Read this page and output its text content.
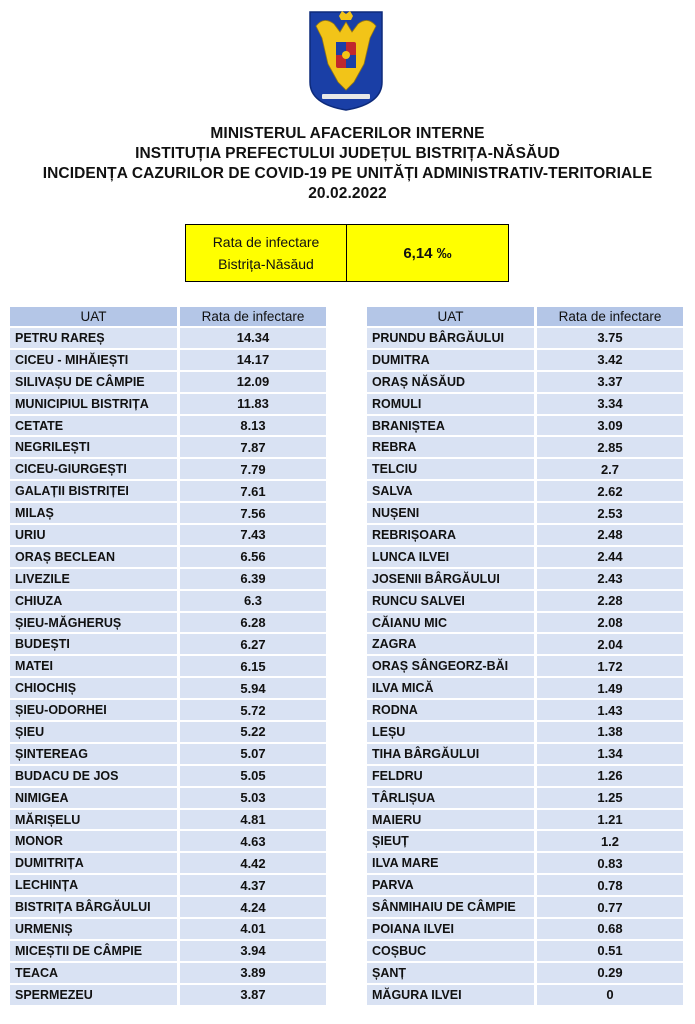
MINISTERUL AFACERILOR INTERNE
INSTITUȚIA PREFECTULUI JUDEȚUL BISTRIȚA-NĂSĂUD
INCIDENȚA CAZURILOR DE COVID-19 PE UNITĂȚI ADMINISTRATIV-TERITORIALE
20.02.2022
Rata de infectare
Bistrița-Năsăud
6,14 ‰
UAT	Rata de infectare
PETRU RAREȘ	14.34
CICEU - MIHĂIEȘTI	14.17
SILIVAȘU DE CÂMPIE	12.09
MUNICIPIUL BISTRIȚA	11.83
CETATE	8.13
NEGRILEȘTI	7.87
CICEU-GIURGEȘTI	7.79
GALAȚII BISTRIȚEI	7.61
MILAȘ	7.56
URIU	7.43
ORAȘ BECLEAN	6.56
LIVEZILE	6.39
CHIUZA	6.3
ȘIEU-MĂGHERUȘ	6.28
BUDEȘTI	6.27
MATEI	6.15
CHIOCHIȘ	5.94
ȘIEU-ODORHEI	5.72
ȘIEU	5.22
ȘINTEREAG	5.07
BUDACU DE JOS	5.05
NIMIGEA	5.03
MĂRIȘELU	4.81
MONOR	4.63
DUMITRIȚA	4.42
LECHINȚA	4.37
BISTRIȚA BÂRGĂULUI	4.24
URMENIȘ	4.01
MICEȘTII DE CÂMPIE	3.94
TEACA	3.89
SPERMEZEU	3.87
UAT	Rata de infectare
PRUNDU BÂRGĂULUI	3.75
DUMITRA	3.42
ORAȘ NĂSĂUD	3.37
ROMULI	3.34
BRANIȘTEA	3.09
REBRA	2.85
TELCIU	2.7
SALVA	2.62
NUȘENI	2.53
REBRIȘOARA	2.48
LUNCA ILVEI	2.44
JOSENII BÂRGĂULUI	2.43
RUNCU SALVEI	2.28
CĂIANU MIC	2.08
ZAGRA	2.04
ORAȘ SÂNGEORZ-BĂI	1.72
ILVA MICĂ	1.49
RODNA	1.43
LEȘU	1.38
TIHA BÂRGĂULUI	1.34
FELDRU	1.26
TÂRLIȘUA	1.25
MAIERU	1.21
ȘIEUȚ	1.2
ILVA MARE	0.83
PARVA	0.78
SÂNMIHAIU DE CÂMPIE	0.77
POIANA ILVEI	0.68
COȘBUC	0.51
ȘANȚ	0.29
MĂGURA ILVEI	0
